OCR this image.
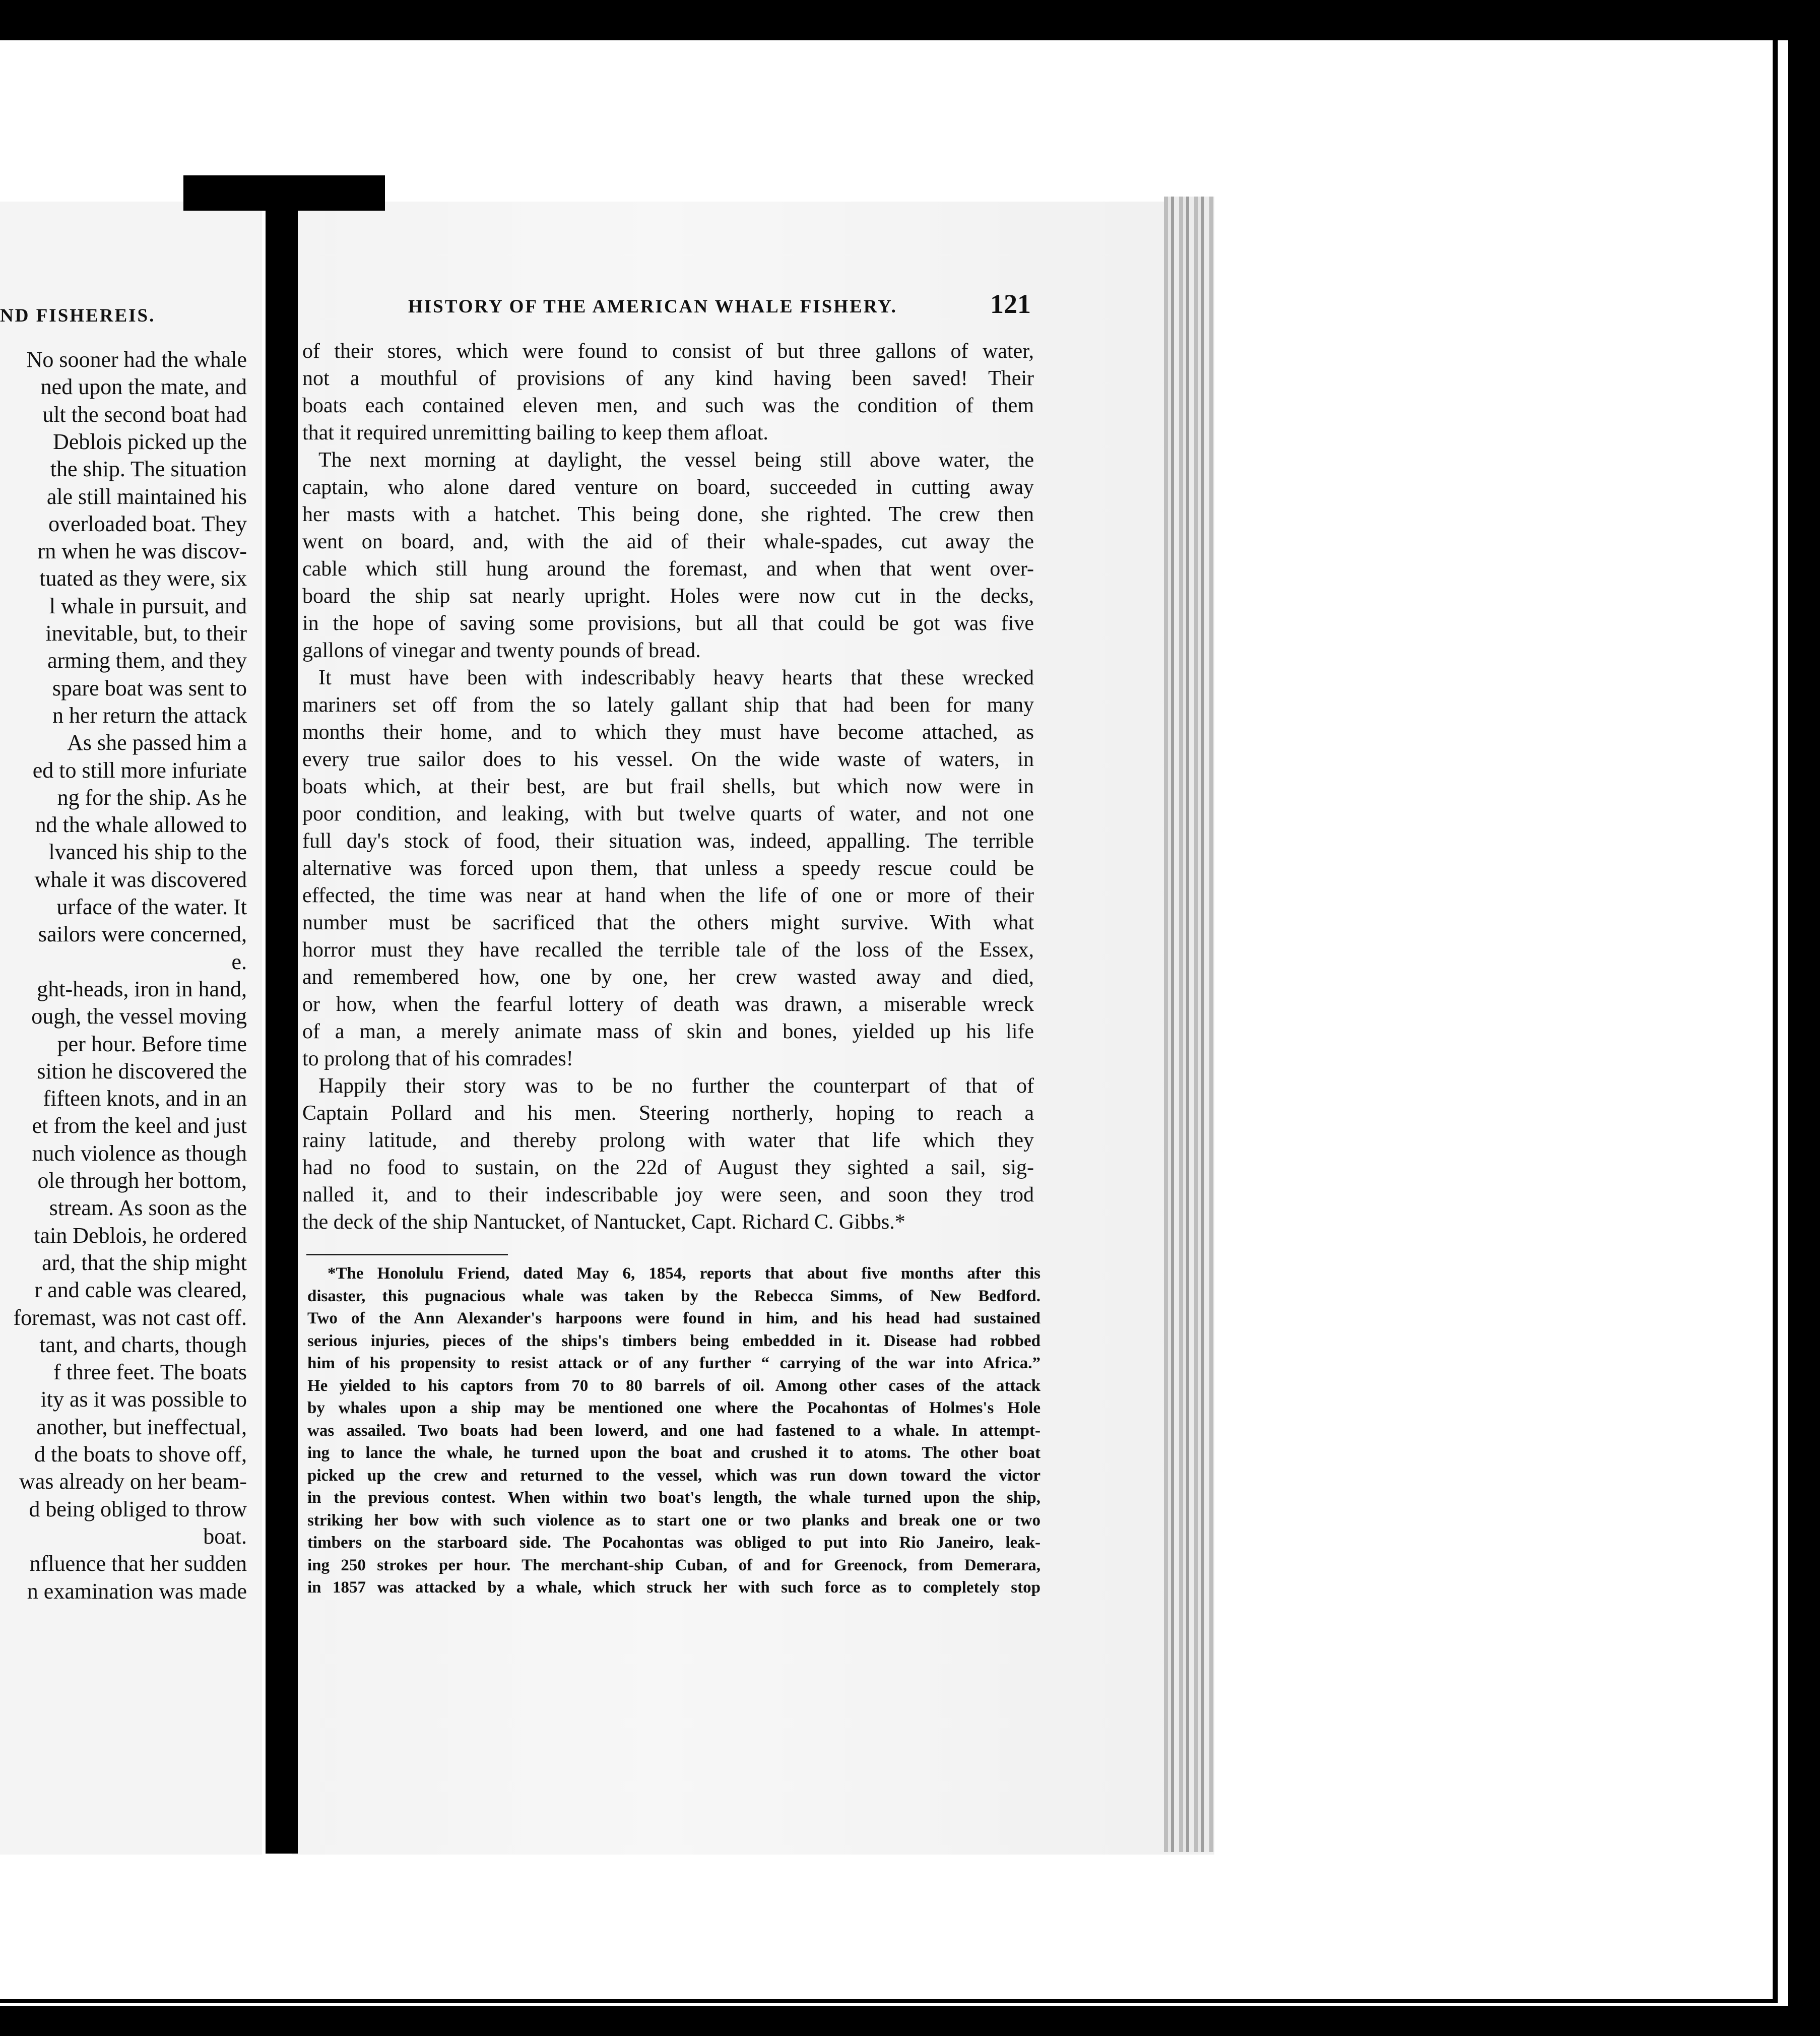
ND FISHEREIS.
No sooner had the whale
ned upon the mate, and
ult the second boat had
Deblois picked up the
the ship. The situation
ale still maintained his
overloaded boat. They
rn when he was discov-
tuated as they were, six
l whale in pursuit, and
inevitable, but, to their
arming them, and they
spare boat was sent to
n her return the attack
As she passed him a
ed to still more infuriate
ng for the ship. As he
nd the whale allowed to
lvanced his ship to the
whale it was discovered
urface of the water. It
sailors were concerned,
e.
ght-heads, iron in hand,
ough, the vessel moving
per hour. Before time
sition he discovered the
fifteen knots, and in an
et from the keel and just
nuch violence as though
ole through her bottom,
stream. As soon as the
tain Deblois, he ordered
ard, that the ship might
r and cable was cleared,
foremast, was not cast off.
tant, and charts, though
f three feet. The boats
ity as it was possible to
another, but ineffectual,
d the boats to shove off,
was already on her beam-
d being obliged to throw
boat.
nfluence that her sudden
n examination was made
HISTORY OF THE AMERICAN WHALE FISHERY.	121

of their stores, which were found to consist of but three gallons of water,
not a mouthful of provisions of any kind having been saved! Their
boats each contained eleven men, and such was the condition of them
that it required unremitting bailing to keep them afloat.

The next morning at daylight, the vessel being still above water, the
captain, who alone dared venture on board, succeeded in cutting away
her masts with a hatchet. This being done, she righted. The crew then
went on board, and, with the aid of their whale-spades, cut away the
cable which still hung around the foremast, and when that went over-
board the ship sat nearly upright. Holes were now cut in the decks,
in the hope of saving some provisions, but all that could be got was five
gallons of vinegar and twenty pounds of bread.

It must have been with indescribably heavy hearts that these wrecked
mariners set off from the so lately gallant ship that had been for many
months their home, and to which they must have become attached, as
every true sailor does to his vessel. On the wide waste of waters, in
boats which, at their best, are but frail shells, but which now were in
poor condition, and leaking, with but twelve quarts of water, and not one
full day's stock of food, their situation was, indeed, appalling. The terrible
alternative was forced upon them, that unless a speedy rescue could be
effected, the time was near at hand when the life of one or more of their
number must be sacrificed that the others might survive. With what
horror must they have recalled the terrible tale of the loss of the Essex,
and remembered how, one by one, her crew wasted away and died,
or how, when the fearful lottery of death was drawn, a miserable wreck
of a man, a merely animate mass of skin and bones, yielded up his life
to prolong that of his comrades!

Happily their story was to be no further the counterpart of that of
Captain Pollard and his men. Steering northerly, hoping to reach a
rainy latitude, and thereby prolong with water that life which they
had no food to sustain, on the 22d of August they sighted a sail, sig-
nalled it, and to their indescribable joy were seen, and soon they trod
the deck of the ship Nantucket, of Nantucket, Capt. Richard C. Gibbs.*

*The Honolulu Friend, dated May 6, 1854, reports that about five months after this
disaster, this pugnacious whale was taken by the Rebecca Simms, of New Bedford.
Two of the Ann Alexander's harpoons were found in him, and his head had sustained
serious injuries, pieces of the ships's timbers being embedded in it. Disease had robbed
him of his propensity to resist attack or of any further “ carrying of the war into Africa.”
He yielded to his captors from 70 to 80 barrels of oil. Among other cases of the attack
by whales upon a ship may be mentioned one where the Pocahontas of Holmes's Hole
was assailed. Two boats had been lowerd, and one had fastened to a whale. In attempt-
ing to lance the whale, he turned upon the boat and crushed it to atoms. The other boat
picked up the crew and returned to the vessel, which was run down toward the victor
in the previous contest. When within two boat's length, the whale turned upon the ship,
striking her bow with such violence as to start one or two planks and break one or two
timbers on the starboard side. The Pocahontas was obliged to put into Rio Janeiro, leak-
ing 250 strokes per hour. The merchant-ship Cuban, of and for Greenock, from Demerara,
in 1857 was attacked by a whale, which struck her with such force as to completely stop
